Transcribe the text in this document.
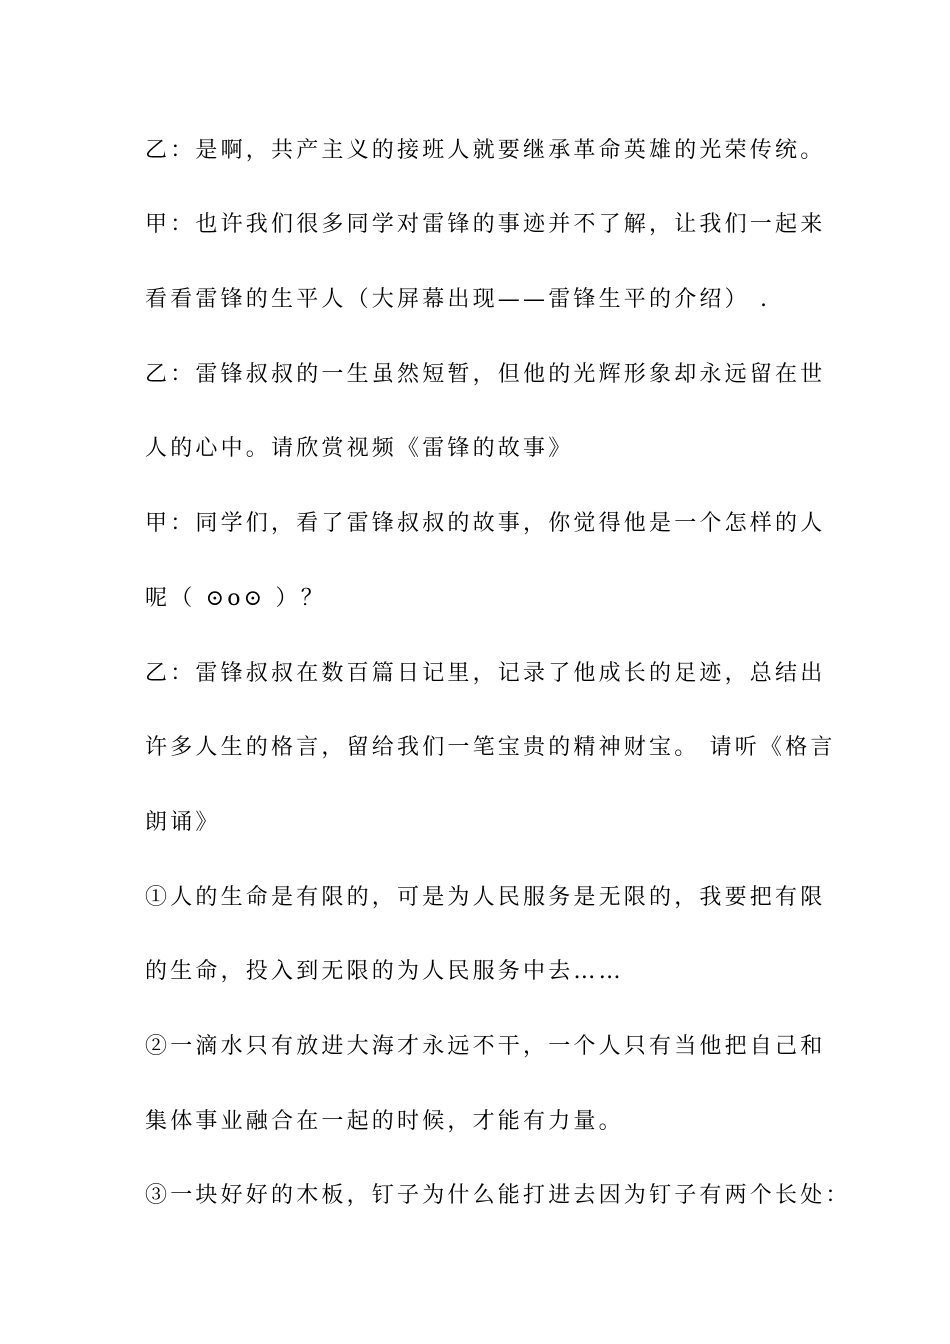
乙：是啊，共产主义的接班人就要继承革命英雄的光荣传统。
甲：也许我们很多同学对雷锋的事迹并不了解，让我们一起来
看看雷锋的生平人（大屏幕出现——雷锋生平的介绍） .
乙：雷锋叔叔的一生虽然短暂，但他的光辉形象却永远留在世
人的心中。请欣赏视频《雷锋的故事》
甲：同学们，看了雷锋叔叔的故事，你觉得他是一个怎样的人
呢（ ⊙o⊙ ）？
乙：雷锋叔叔在数百篇日记里，记录了他成长的足迹，总结出
许多人生的格言，留给我们一笔宝贵的精神财宝。 请听《格言
朗诵》
①人的生命是有限的，可是为人民服务是无限的，我要把有限
的生命，投入到无限的为人民服务中去……
②一滴水只有放进大海才永远不干，一个人只有当他把自己和
集体事业融合在一起的时候，才能有力量。
③一块好好的木板，钉子为什么能打进去因为钉子有两个长处：
